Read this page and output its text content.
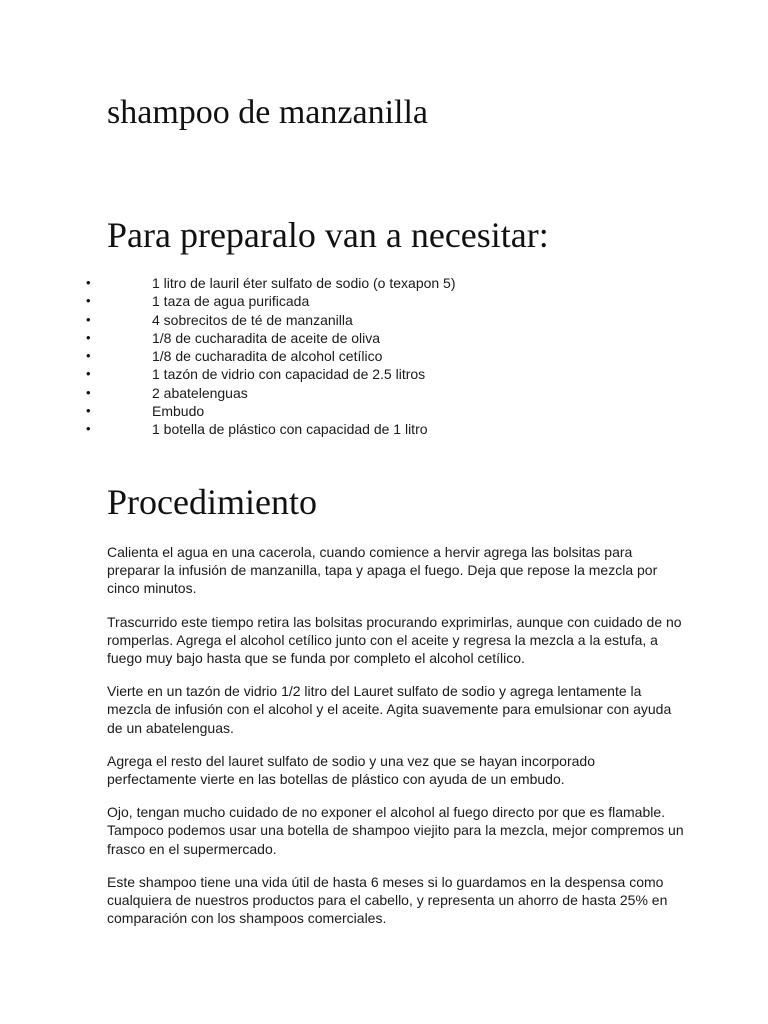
shampoo de manzanilla
Para preparalo van a necesitar:
•	1 litro de lauril éter sulfato de sodio (o texapon 5)
•	1 taza de agua purificada
•	4 sobrecitos de té de manzanilla
•	1/8 de cucharadita de aceite de oliva
•	1/8 de cucharadita de alcohol cetílico
•	1 tazón de vidrio con capacidad de 2.5 litros
•	2 abatelenguas
•	Embudo
•	1 botella de plástico con capacidad de 1 litro
Procedimiento

Calienta el agua en una cacerola, cuando comience a hervir agrega las bolsitas para preparar la infusión de manzanilla, tapa y apaga el fuego. Deja que repose la mezcla por cinco minutos.

Trascurrido este tiempo retira las bolsitas procurando exprimirlas, aunque con cuidado de no romperlas. Agrega el alcohol cetílico junto con el aceite y regresa la mezcla a la estufa, a fuego muy bajo hasta que se funda por completo el alcohol cetílico.

Vierte en un tazón de vidrio 1/2 litro del Lauret sulfato de sodio y agrega lentamente la mezcla de infusión con el alcohol y el aceite. Agita suavemente para emulsionar con ayuda de un abatelenguas.

Agrega el resto del lauret sulfato de sodio y una vez que se hayan incorporado perfectamente vierte en las botellas de plástico con ayuda de un embudo.

Ojo, tengan mucho cuidado de no exponer el alcohol al fuego directo por que es flamable. Tampoco podemos usar una botella de shampoo viejito para la mezcla, mejor compremos un frasco en el supermercado.

Este shampoo tiene una vida útil de hasta 6 meses si lo guardamos en la despensa como cualquiera de nuestros productos para el cabello, y representa un ahorro de hasta 25% en comparación con los shampoos comerciales.
